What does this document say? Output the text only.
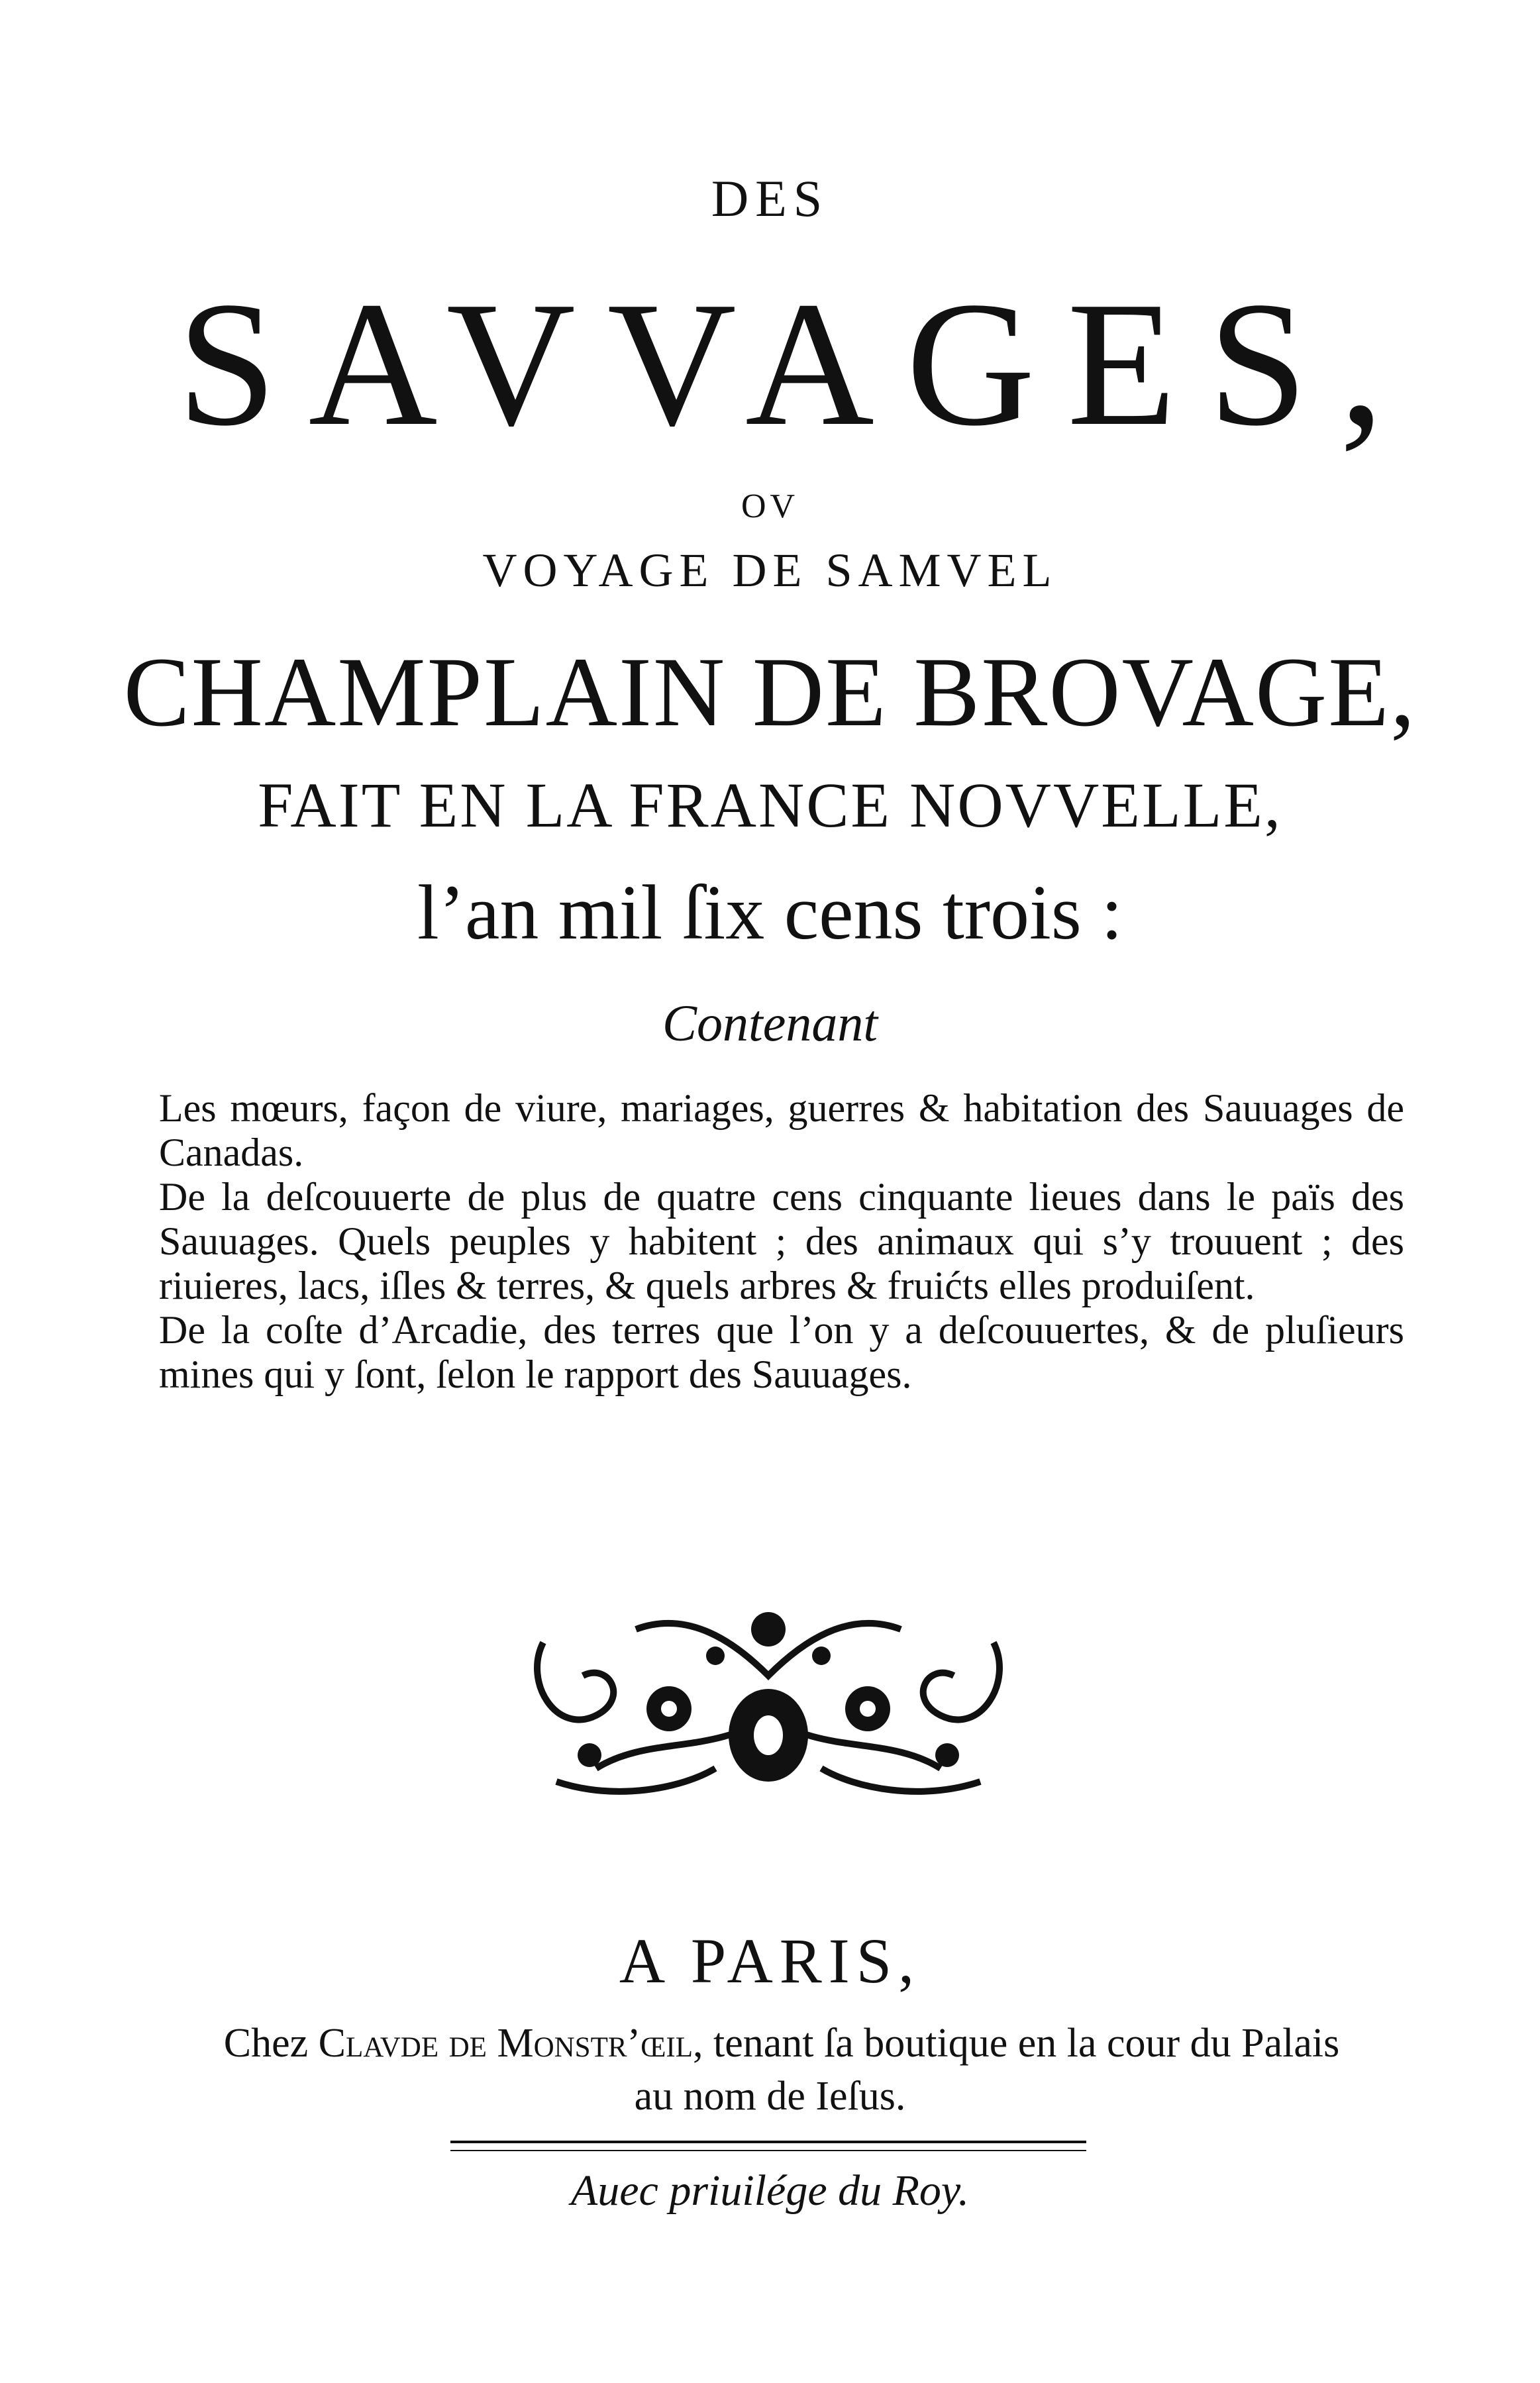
DES
SAVVAGES,
OV
VOYAGE DE SAMVEL
CHAMPLAIN DE BROVAGE,
FAIT EN LA FRANCE NOVVELLE,
l’an mil ſix cens trois :
Contenant

Les mœurs, façon de viure, mariages, guerres & habitation des Sauuages de Canadas.

De la deſcouuerte de plus de quatre cens cinquante lieues dans le païs des Sauuages. Quels peuples y habitent ; des animaux qui s’y trouuent ; des riuieres, lacs, iſles & terres, & quels arbres & fruićts elles produiſent.

De la coſte d’Arcadie, des terres que l’on y a deſcouuertes, & de pluſieurs mines qui y ſont, ſelon le rapport des Sauuages.

A PARIS,
Chez Clavde de Monstr’œil, tenant ſa boutique en la cour du Palais
au nom de Ieſus.
Auec priuilége du Roy.
